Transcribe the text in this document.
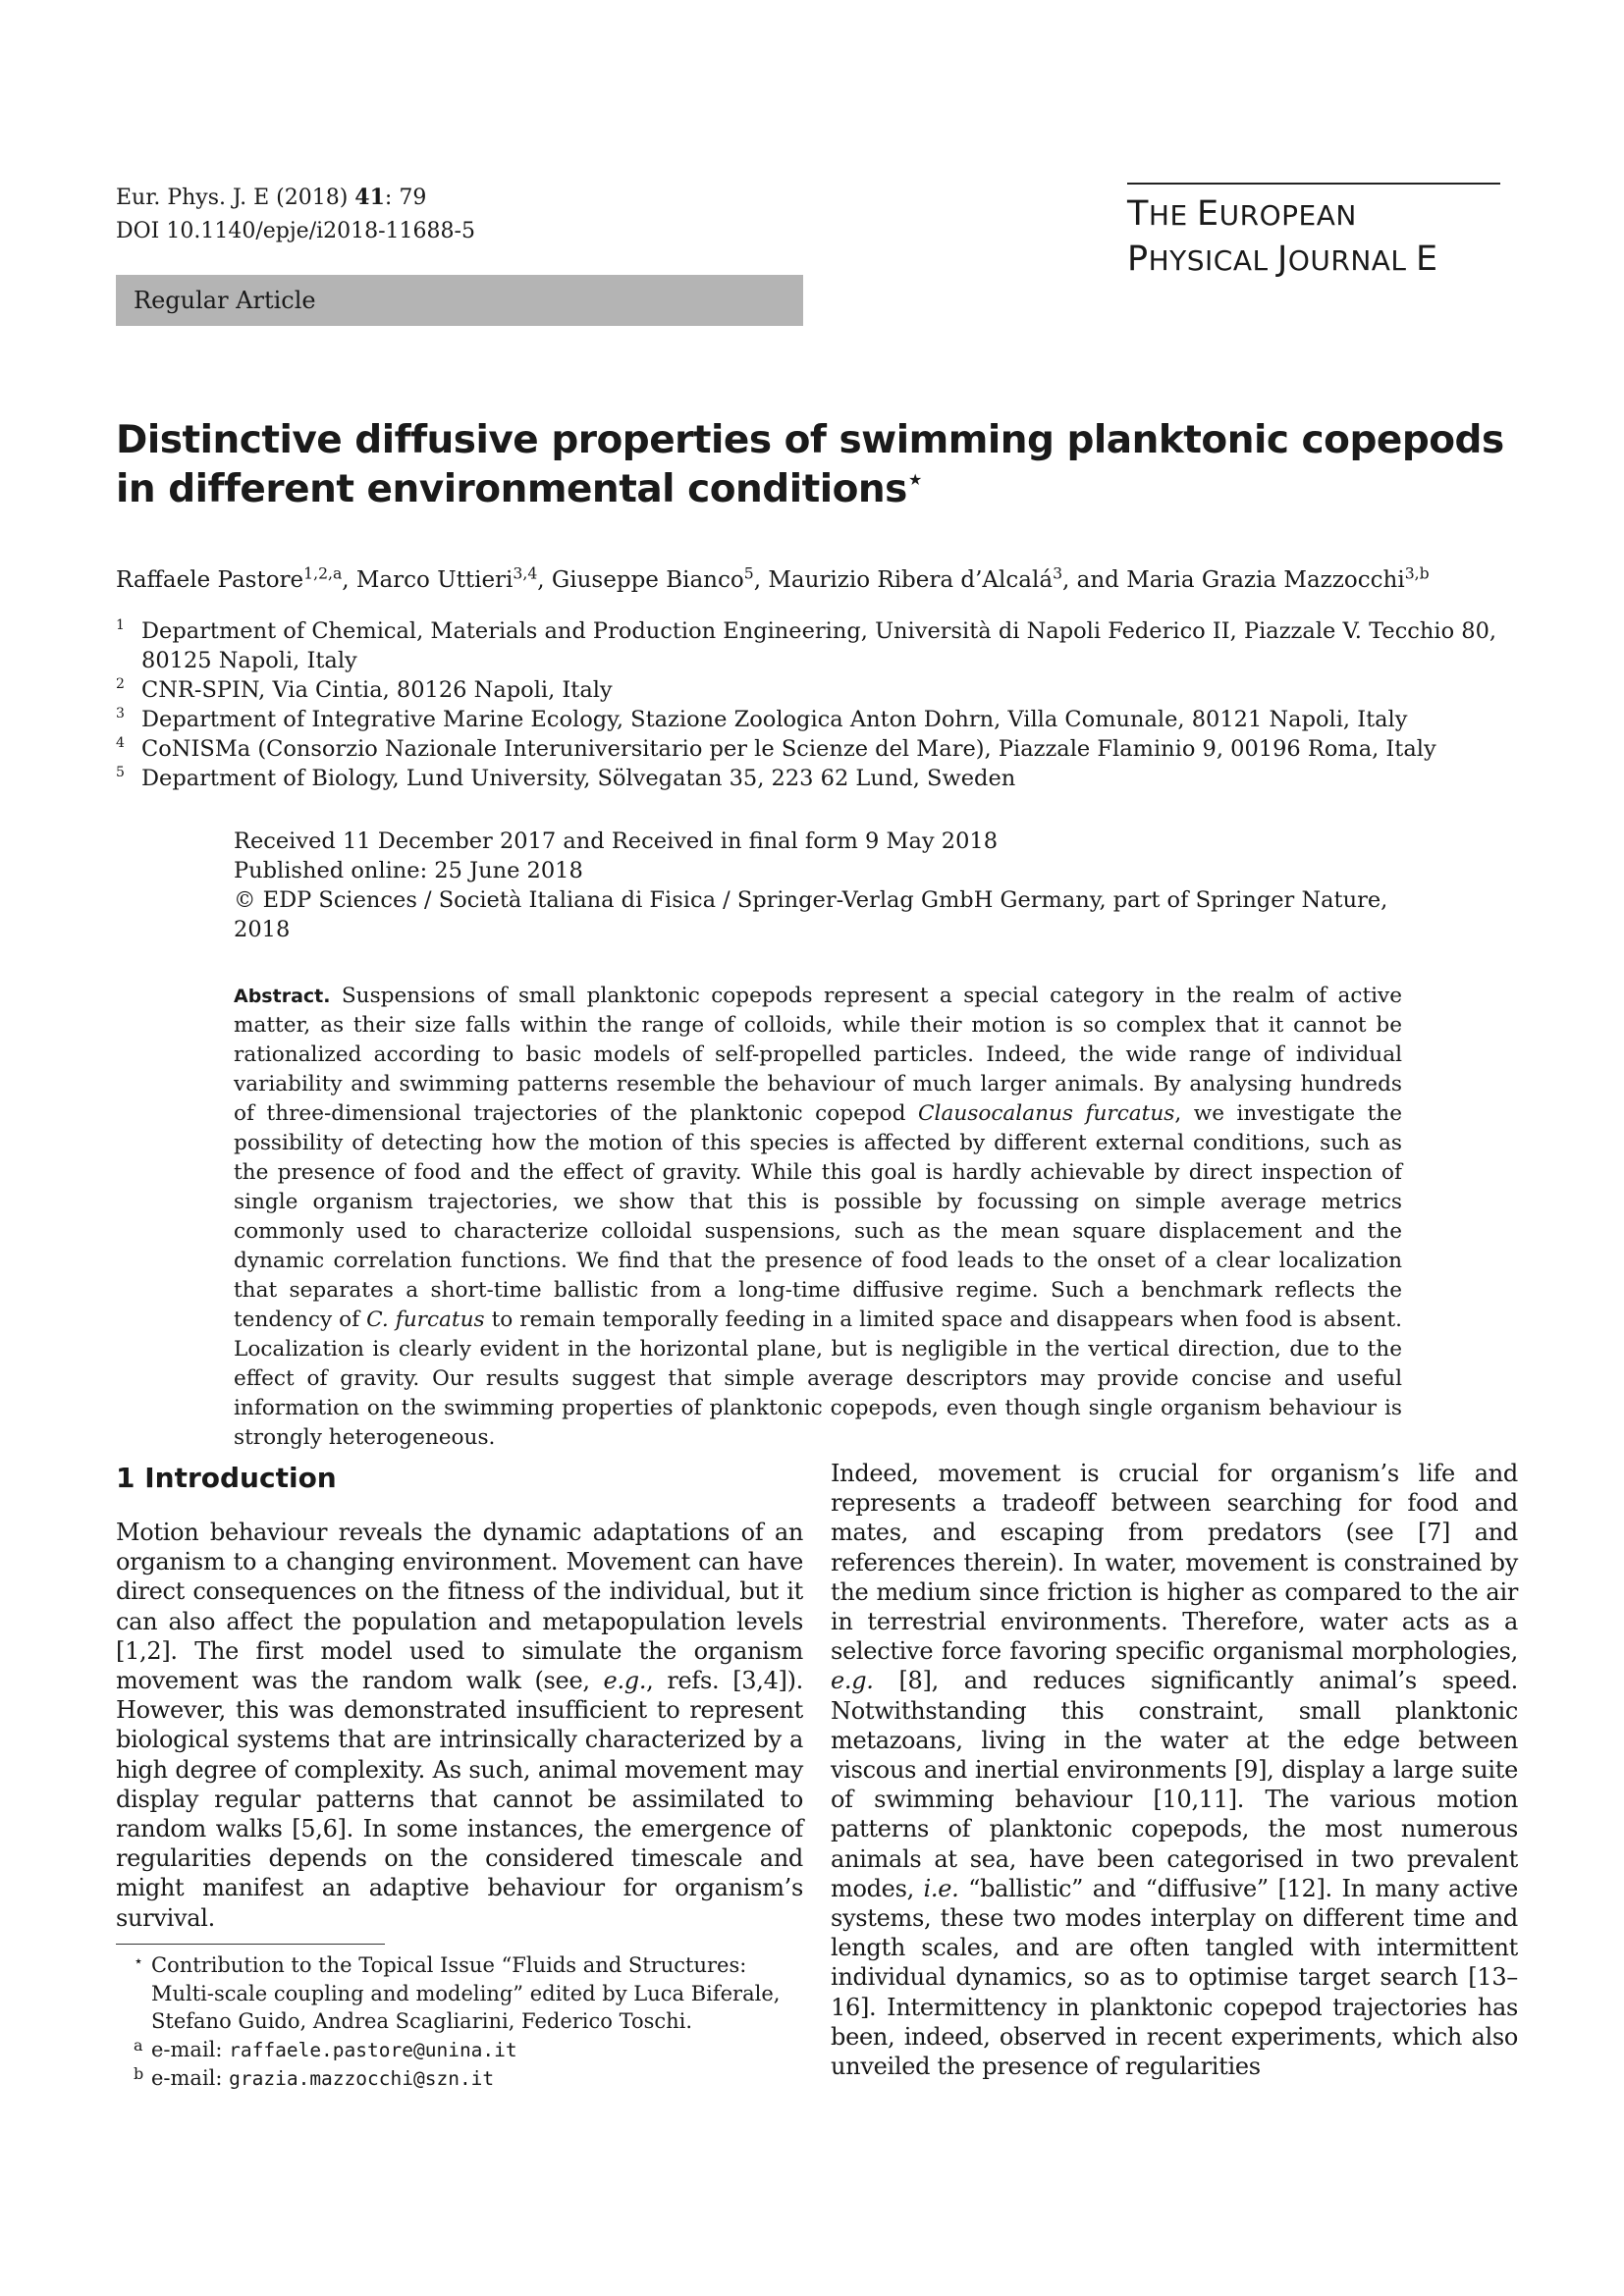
Eur. Phys. J. E (2018) 41: 79
DOI 10.1140/epje/i2018-11688-5	THE EUROPEAN
PHYSICAL JOURNAL E
Regular Article
Distinctive diffusive properties of swimming planktonic copepods
in different environmental conditions⋆
Raffaele Pastore$^{1,2,a}$, Marco Uttieri$^{3,4}$, Giuseppe Bianco$^5$, Maurizio Ribera d’Alcalá$^3$, and Maria Grazia Mazzocchi$^{3,b}$
1 Department of Chemical, Materials and Production Engineering, Università di Napoli Federico II, Piazzale V. Tecchio 80, 80125 Napoli, Italy
2 CNR-SPIN, Via Cintia, 80126 Napoli, Italy
3 Department of Integrative Marine Ecology, Stazione Zoologica Anton Dohrn, Villa Comunale, 80121 Napoli, Italy
4 CoNISMa (Consorzio Nazionale Interuniversitario per le Scienze del Mare), Piazzale Flaminio 9, 00196 Roma, Italy
5 Department of Biology, Lund University, Sölvegatan 35, 223 62 Lund, Sweden
Received 11 December 2017 and Received in final form 9 May 2018
Published online: 25 June 2018
© EDP Sciences / Società Italiana di Fisica / Springer-Verlag GmbH Germany, part of Springer Nature, 2018
Abstract. Suspensions of small planktonic copepods represent a special category in the realm of active matter, as their size falls within the range of colloids, while their motion is so complex that it cannot be rationalized according to basic models of self-propelled particles. Indeed, the wide range of individual variability and swimming patterns resemble the behaviour of much larger animals. By analysing hundreds of three-dimensional trajectories of the planktonic copepod Clausocalanus furcatus, we investigate the possibility of detecting how the motion of this species is affected by different external conditions, such as the presence of food and the effect of gravity. While this goal is hardly achievable by direct inspection of single organism trajectories, we show that this is possible by focussing on simple average metrics commonly used to characterize colloidal suspensions, such as the mean square displacement and the dynamic correlation functions. We find that the presence of food leads to the onset of a clear localization that separates a short-time ballistic from a long-time diffusive regime. Such a benchmark reflects the tendency of C. furcatus to remain temporally feeding in a limited space and disappears when food is absent. Localization is clearly evident in the horizontal plane, but is negligible in the vertical direction, due to the effect of gravity. Our results suggest that simple average descriptors may provide concise and useful information on the swimming properties of planktonic copepods, even though single organism behaviour is strongly heterogeneous.
1 Introduction

Motion behaviour reveals the dynamic adaptations of an organism to a changing environment. Movement can have direct consequences on the fitness of the individual, but it can also affect the population and metapopulation levels [1,2]. The first model used to simulate the organism movement was the random walk (see, e.g., refs. [3,4]). However, this was demonstrated insufficient to represent biological systems that are intrinsically characterized by a high degree of complexity. As such, animal movement may display regular patterns that cannot be assimilated to random walks [5,6]. In some instances, the emergence of regularities depends on the considered timescale and might manifest an adaptive behaviour for organism’s survival.

Indeed, movement is crucial for organism’s life and represents a tradeoff between searching for food and mates, and escaping from predators (see [7] and references therein). In water, movement is constrained by the medium since friction is higher as compared to the air in terrestrial environments. Therefore, water acts as a selective force favoring specific organismal morphologies, e.g. [8], and reduces significantly animal’s speed. Notwithstanding this constraint, small planktonic metazoans, living in the water at the edge between viscous and inertial environments [9], display a large suite of swimming behaviour [10,11]. The various motion patterns of planktonic copepods, the most numerous animals at sea, have been categorised in two prevalent modes, i.e. “ballistic” and “diffusive” [12]. In many active systems, these two modes interplay on different time and length scales, and are often tangled with intermittent individual dynamics, so as to optimise target search [13–16]. Intermittency in planktonic copepod trajectories has been, indeed, observed in recent experiments, which also unveiled the presence of regularities

⋆ Contribution to the Topical Issue “Fluids and Structures: Multi-scale coupling and modeling” edited by Luca Biferale, Stefano Guido, Andrea Scagliarini, Federico Toschi.
a e-mail: raffaele.pastore@unina.it
b e-mail: grazia.mazzocchi@szn.it
